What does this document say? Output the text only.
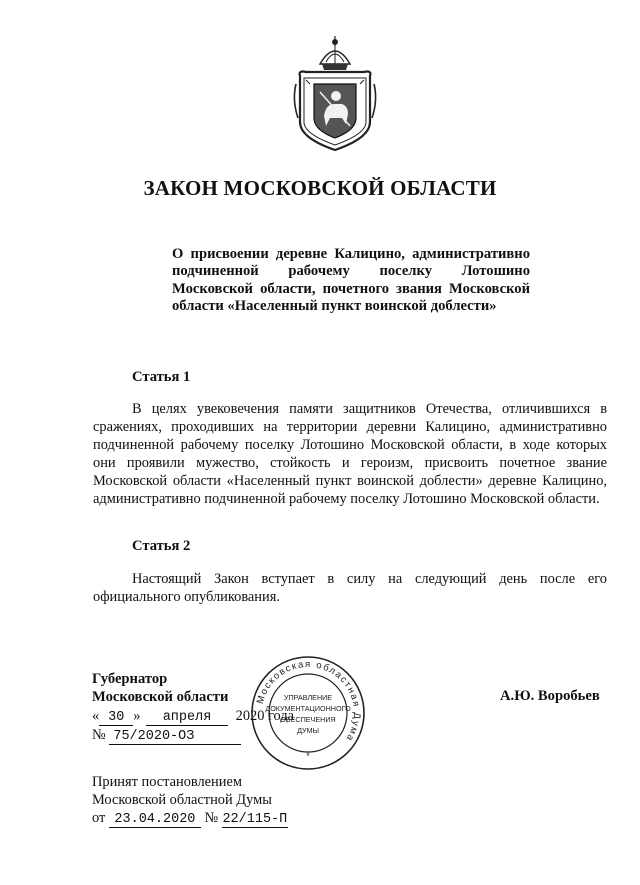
ЗАКОН МОСКОВСКОЙ ОБЛАСТИ
О присвоении деревне Калицино, административно подчиненной рабочему поселку Лотошино Московской области, почетного звания Московской области «Населенный пункт воинской доблести»
Статья 1

В целях увековечения памяти защитников Отечества, отличившихся в сражениях, проходивших на территории деревни Калицино, административно подчиненной рабочему поселку Лотошино Московской области, в ходе которых они проявили мужество, стойкость и героизм, присвоить почетное звание Московской области «Населенный пункт воинской доблести» деревне Калицино, административно подчиненной рабочему поселку Лотошино Московской области.

Статья 2

Настоящий Закон вступает в силу на следующий день после его официального опубликования.

Губернатор
Московской области	А.Ю. Воробьев
« 30 » апреля 2020 года
№ 75/2020-ОЗ
Московская областная Дума
*
УПРАВЛЕНИЕ
ДОКУМЕНТАЦИОННОГО
ОБЕСПЕЧЕНИЯ
ДУМЫ
Принят постановлением
Московской областной Думы
от 23.04.2020 № 22/115-П
